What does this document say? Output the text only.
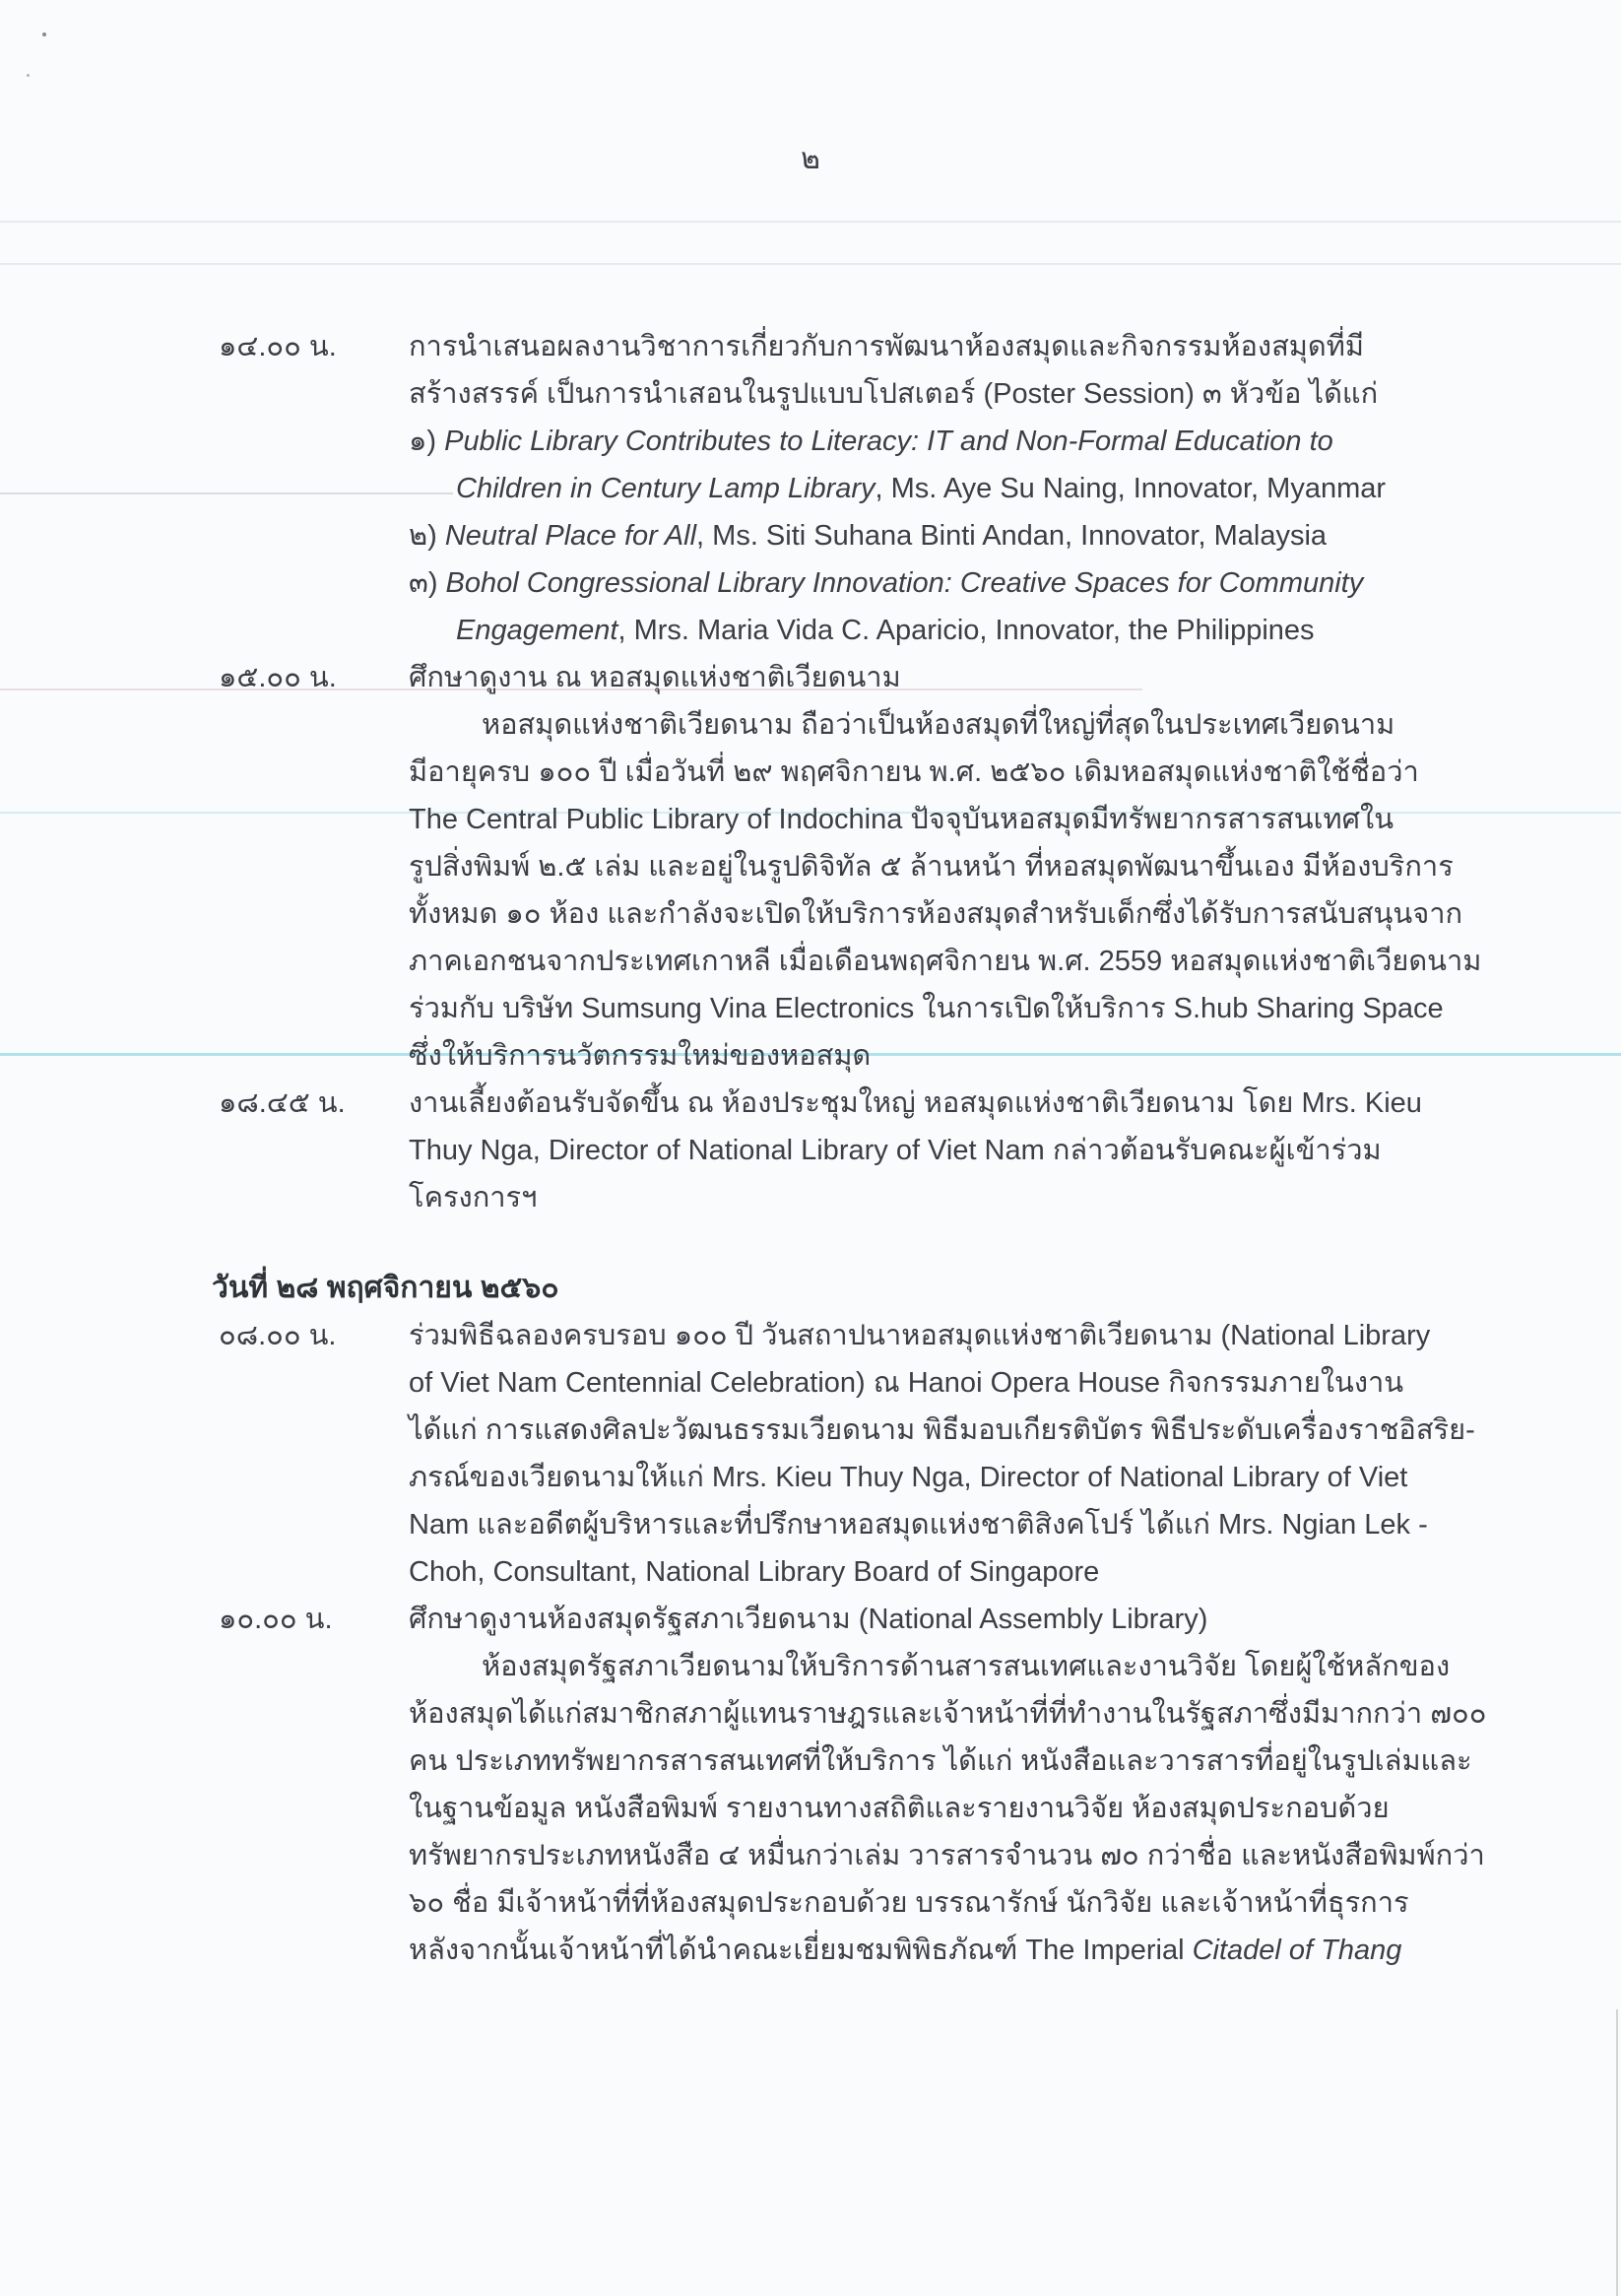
๒
๑๔.๐๐ น.	การนำเสนอผลงานวิชาการเกี่ยวกับการพัฒนาห้องสมุดและกิจกรรมห้องสมุดที่มี
สร้างสรรค์ เป็นการนำเสอนในรูปแบบโปสเตอร์ (Poster Session) ๓ หัวข้อ ได้แก่
๑) Public Library Contributes to Literacy: IT and Non-Formal Education to
Children in Century Lamp Library, Ms. Aye Su Naing, Innovator, Myanmar
๒) Neutral Place for All, Ms. Siti Suhana Binti Andan, Innovator, Malaysia
๓) Bohol Congressional Library Innovation: Creative Spaces for Community
Engagement, Mrs. Maria Vida C. Aparicio, Innovator, the Philippines
๑๕.๐๐ น.	ศึกษาดูงาน ณ หอสมุดแห่งชาติเวียดนาม
หอสมุดแห่งชาติเวียดนาม ถือว่าเป็นห้องสมุดที่ใหญ่ที่สุดในประเทศเวียดนาม
มีอายุครบ ๑๐๐ ปี เมื่อวันที่ ๒๙ พฤศจิกายน พ.ศ. ๒๕๖๐ เดิมหอสมุดแห่งชาติใช้ชื่อว่า
The Central Public Library of Indochina ปัจจุบันหอสมุดมีทรัพยากรสารสนเทศใน
รูปสิ่งพิมพ์ ๒.๕ เล่ม และอยู่ในรูปดิจิทัล ๕ ล้านหน้า ที่หอสมุดพัฒนาขึ้นเอง มีห้องบริการ
ทั้งหมด ๑๐ ห้อง และกำลังจะเปิดให้บริการห้องสมุดสำหรับเด็กซึ่งได้รับการสนับสนุนจาก
ภาคเอกชนจากประเทศเกาหลี เมื่อเดือนพฤศจิกายน พ.ศ. 2559 หอสมุดแห่งชาติเวียดนาม
ร่วมกับ บริษัท Sumsung Vina Electronics ในการเปิดให้บริการ S.hub Sharing Space
ซึ่งให้บริการนวัตกรรมใหม่ของหอสมุด
๑๘.๔๕ น. งานเลี้ยงต้อนรับจัดขึ้น ณ ห้องประชุมใหญ่ หอสมุดแห่งชาติเวียดนาม โดย Mrs. Kieu
Thuy Nga, Director of National Library of Viet Nam กล่าวต้อนรับคณะผู้เข้าร่วม
โครงการฯ
วันที่ ๒๘ พฤศจิกายน ๒๕๖๐
๐๘.๐๐ น.	ร่วมพิธีฉลองครบรอบ ๑๐๐ ปี วันสถาปนาหอสมุดแห่งชาติเวียดนาม (National Library
of Viet Nam Centennial Celebration) ณ Hanoi Opera House กิจกรรมภายในงาน
ได้แก่ การแสดงศิลปะวัฒนธรรมเวียดนาม พิธีมอบเกียรติบัตร พิธีประดับเครื่องราชอิสริย-
ภรณ์ของเวียดนามให้แก่ Mrs. Kieu Thuy Nga, Director of National Library of Viet
Nam และอดีตผู้บริหารและที่ปรึกษาหอสมุดแห่งชาติสิงคโปร์ ได้แก่ Mrs. Ngian Lek -
Choh, Consultant, National Library Board of Singapore
๑๐.๐๐ น.	ศึกษาดูงานห้องสมุดรัฐสภาเวียดนาม (National Assembly Library)
ห้องสมุดรัฐสภาเวียดนามให้บริการด้านสารสนเทศและงานวิจัย โดยผู้ใช้หลักของ
ห้องสมุดได้แก่สมาชิกสภาผู้แทนราษฎรและเจ้าหน้าที่ที่ทำงานในรัฐสภาซึ่งมีมากกว่า ๗๐๐
คน ประเภททรัพยากรสารสนเทศที่ให้บริการ ได้แก่ หนังสือและวารสารที่อยู่ในรูปเล่มและ
ในฐานข้อมูล หนังสือพิมพ์ รายงานทางสถิติและรายงานวิจัย ห้องสมุดประกอบด้วย
ทรัพยากรประเภทหนังสือ ๔ หมื่นกว่าเล่ม วารสารจำนวน ๗๐ กว่าชื่อ และหนังสือพิมพ์กว่า
๖๐ ชื่อ มีเจ้าหน้าที่ที่ห้องสมุดประกอบด้วย บรรณารักษ์ นักวิจัย และเจ้าหน้าที่ธุรการ
หลังจากนั้นเจ้าหน้าที่ได้นำคณะเยี่ยมชมพิพิธภัณฑ์ The Imperial Citadel of Thang
